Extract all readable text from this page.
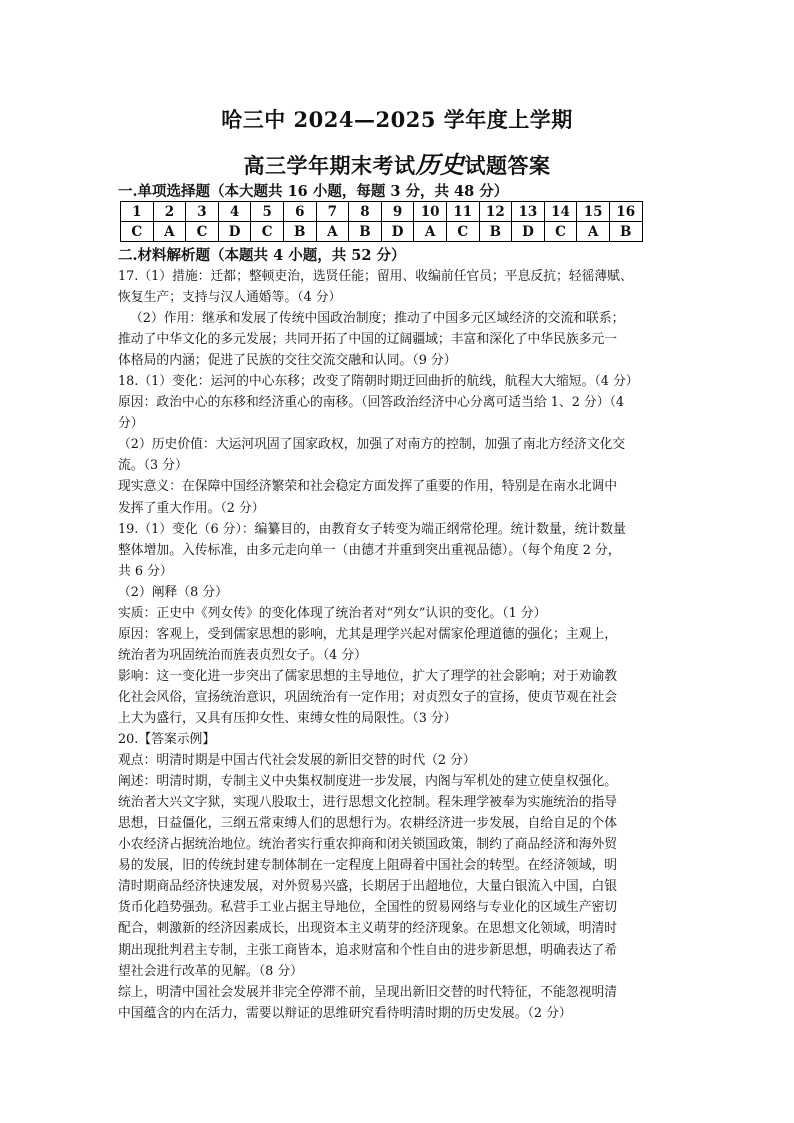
哈三中 2024—2025 学年度上学期
高三学年期末考试历史试题答案
一.单项选择题（本大题共 16 小题，每题 3 分，共 48 分）
1	2	3	4	5	6	7	8	9	10	11	12	13	14	15	16
C	A	C	D	C	B	A	B	D	A	C	B	D	C	A	B
二.材料解析题（本题共 4 小题，共 52 分）

17.（1）措施：迁都；整顿吏治，选贤任能；留用、收编前任官员；平息反抗；轻徭薄赋、

恢复生产；支持与汉人通婚等。（4 分）

（2）作用：继承和发展了传统中国政治制度；推动了中国多元区域经济的交流和联系；

推动了中华文化的多元发展；共同开拓了中国的辽阔疆域；丰富和深化了中华民族多元一

体格局的内涵；促进了民族的交往交流交融和认同。（9 分）

18.（1）变化：运河的中心东移；改变了隋朝时期迂回曲折的航线，航程大大缩短。（4 分）

原因：政治中心的东移和经济重心的南移。（回答政治经济中心分离可适当给 1、2 分）（4

分）

（2）历史价值：大运河巩固了国家政权，加强了对南方的控制，加强了南北方经济文化交

流。（3 分）

现实意义：在保障中国经济繁荣和社会稳定方面发挥了重要的作用，特别是在南水北调中

发挥了重大作用。（2 分）

19.（1）变化（6 分）：编纂目的，由教育女子转变为端正纲常伦理。统计数量，统计数量

整体增加。入传标准，由多元走向单一（由德才并重到突出重视品德）。（每个角度 2 分，

共 6 分）

（2）阐释（8 分）

实质：正史中《列女传》的变化体现了统治者对“列女”认识的变化。（1 分）

原因：客观上，受到儒家思想的影响，尤其是理学兴起对儒家伦理道德的强化；主观上，

统治者为巩固统治而旌表贞烈女子。（4 分）

影响：这一变化进一步突出了儒家思想的主导地位，扩大了理学的社会影响；对于劝谕教

化社会风俗，宣扬统治意识，巩固统治有一定作用；对贞烈女子的宣扬，使贞节观在社会

上大为盛行，又具有压抑女性、束缚女性的局限性。（3 分）

20.【答案示例】

观点：明清时期是中国古代社会发展的新旧交替的时代（2 分）

阐述：明清时期，专制主义中央集权制度进一步发展，内阁与军机处的建立使皇权强化。

统治者大兴文字狱，实现八股取士，进行思想文化控制。程朱理学被奉为实施统治的指导

思想，日益僵化，三纲五常束缚人们的思想行为。农耕经济进一步发展，自给自足的个体

小农经济占据统治地位。统治者实行重农抑商和闭关锁国政策，制约了商品经济和海外贸

易的发展，旧的传统封建专制体制在一定程度上阻碍着中国社会的转型。在经济领域，明

清时期商品经济快速发展，对外贸易兴盛，长期居于出超地位，大量白银流入中国，白银

货币化趋势强劲。私营手工业占据主导地位，全国性的贸易网络与专业化的区域生产密切

配合，刺激新的经济因素成长，出现资本主义萌芽的经济现象。在思想文化领域，明清时

期出现批判君主专制，主张工商皆本，追求财富和个性自由的进步新思想，明确表达了希

望社会进行改革的见解。（8 分）

综上，明清中国社会发展并非完全停滞不前，呈现出新旧交替的时代特征，不能忽视明清

中国蕴含的内在活力，需要以辩证的思维研究看待明清时期的历史发展。（2 分）
